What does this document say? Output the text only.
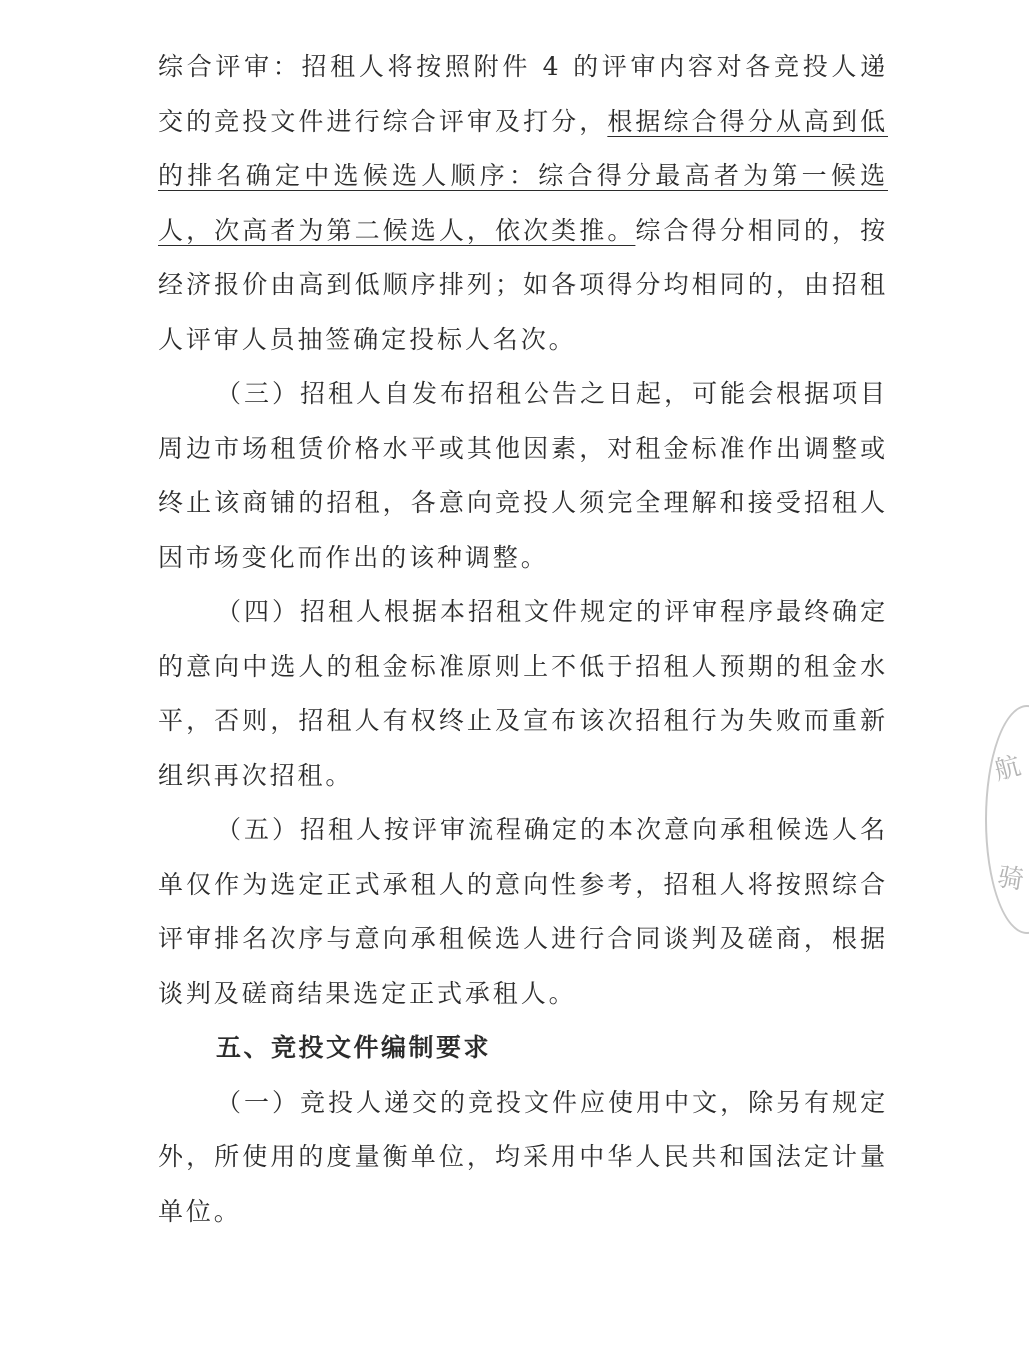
综合评审：招租人将按照附件 4 的评审内容对各竞投人递交的竞投文件进行综合评审及打分，根据综合得分从高到低的排名确定中选候选人顺序：综合得分最高者为第一候选人，次高者为第二候选人，依次类推。综合得分相同的，按经济报价由高到低顺序排列；如各项得分均相同的，由招租人评审人员抽签确定投标人名次。

（三）招租人自发布招租公告之日起，可能会根据项目周边市场租赁价格水平或其他因素，对租金标准作出调整或终止该商铺的招租，各意向竞投人须完全理解和接受招租人因市场变化而作出的该种调整。

（四）招租人根据本招租文件规定的评审程序最终确定的意向中选人的租金标准原则上不低于招租人预期的租金水平，否则，招租人有权终止及宣布该次招租行为失败而重新组织再次招租。

（五）招租人按评审流程确定的本次意向承租候选人名单仅作为选定正式承租人的意向性参考，招租人将按照综合评审排名次序与意向承租候选人进行合同谈判及磋商，根据谈判及磋商结果选定正式承租人。

五、竞投文件编制要求

（一）竞投人递交的竞投文件应使用中文，除另有规定外，所使用的度量衡单位，均采用中华人民共和国法定计量单位。

航
骑
